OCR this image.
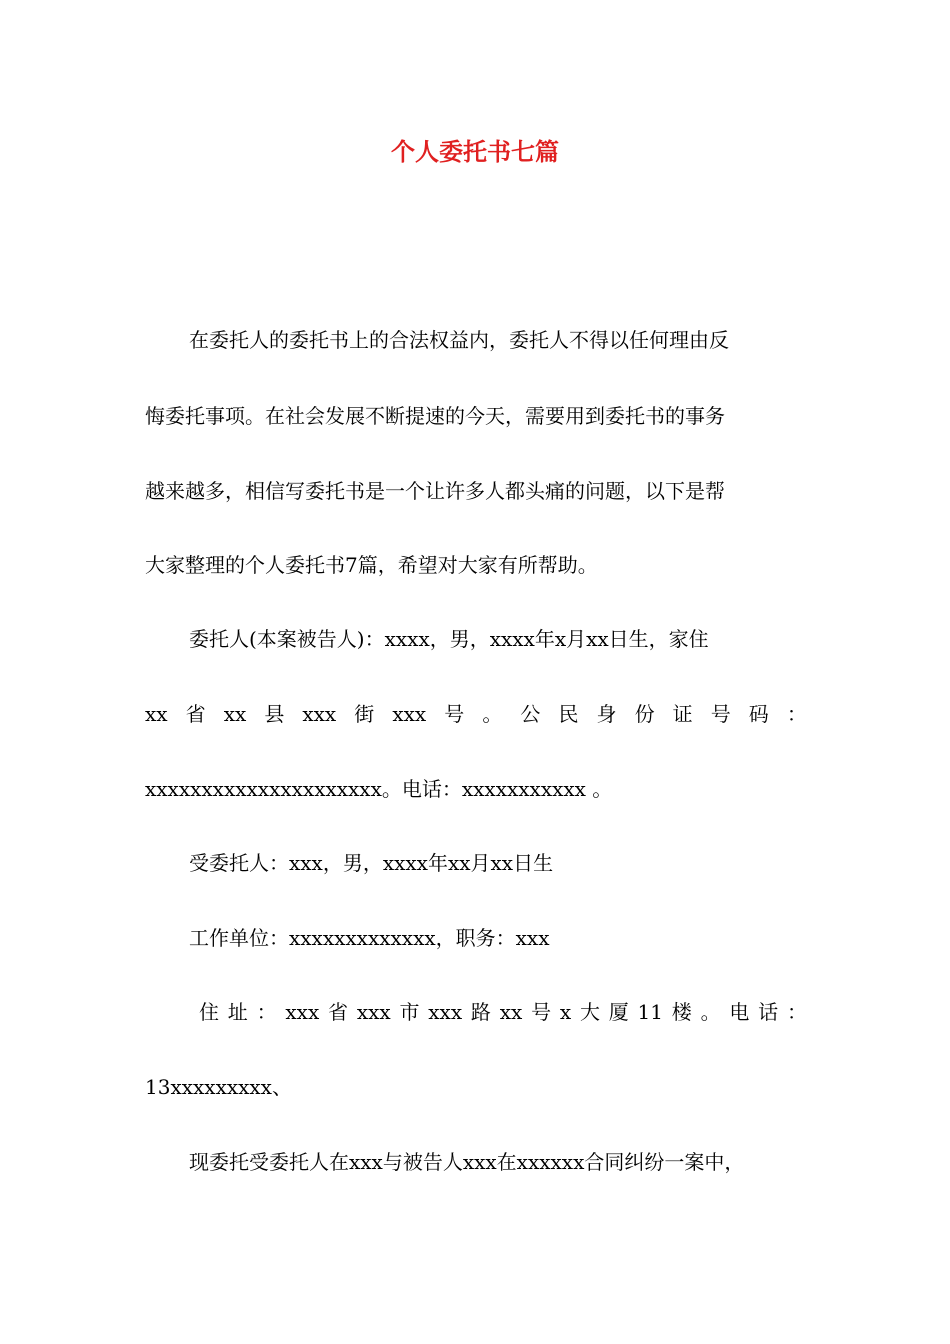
个人委托书七篇
在委托人的委托书上的合法权益内，委托人不得以任何理由反
悔委托事项。在社会发展不断提速的今天，需要用到委托书的事务
越来越多，相信写委托书是一个让许多人都头痛的问题，以下是帮
大家整理的个人委托书7篇，希望对大家有所帮助。
委托人(本案被告人)：xxxx，男，xxxx年x月xx日生，家住
xx 省 xx 县 xxx 街 xxx 号 。 公 民 身 份 证 号 码 ：
xxxxxxxxxxxxxxxxxxxxx。电话：xxxxxxxxxxx 。
受委托人：xxx，男，xxxx年xx月xx日生
工作单位：xxxxxxxxxxxxx，职务：xxx
住 址 ： xxx 省 xxx 市 xxx 路 xx 号 x 大 厦 11 楼 。 电 话 ：
13xxxxxxxxx、
现委托受委托人在xxx与被告人xxx在xxxxxx合同纠纷一案中，
